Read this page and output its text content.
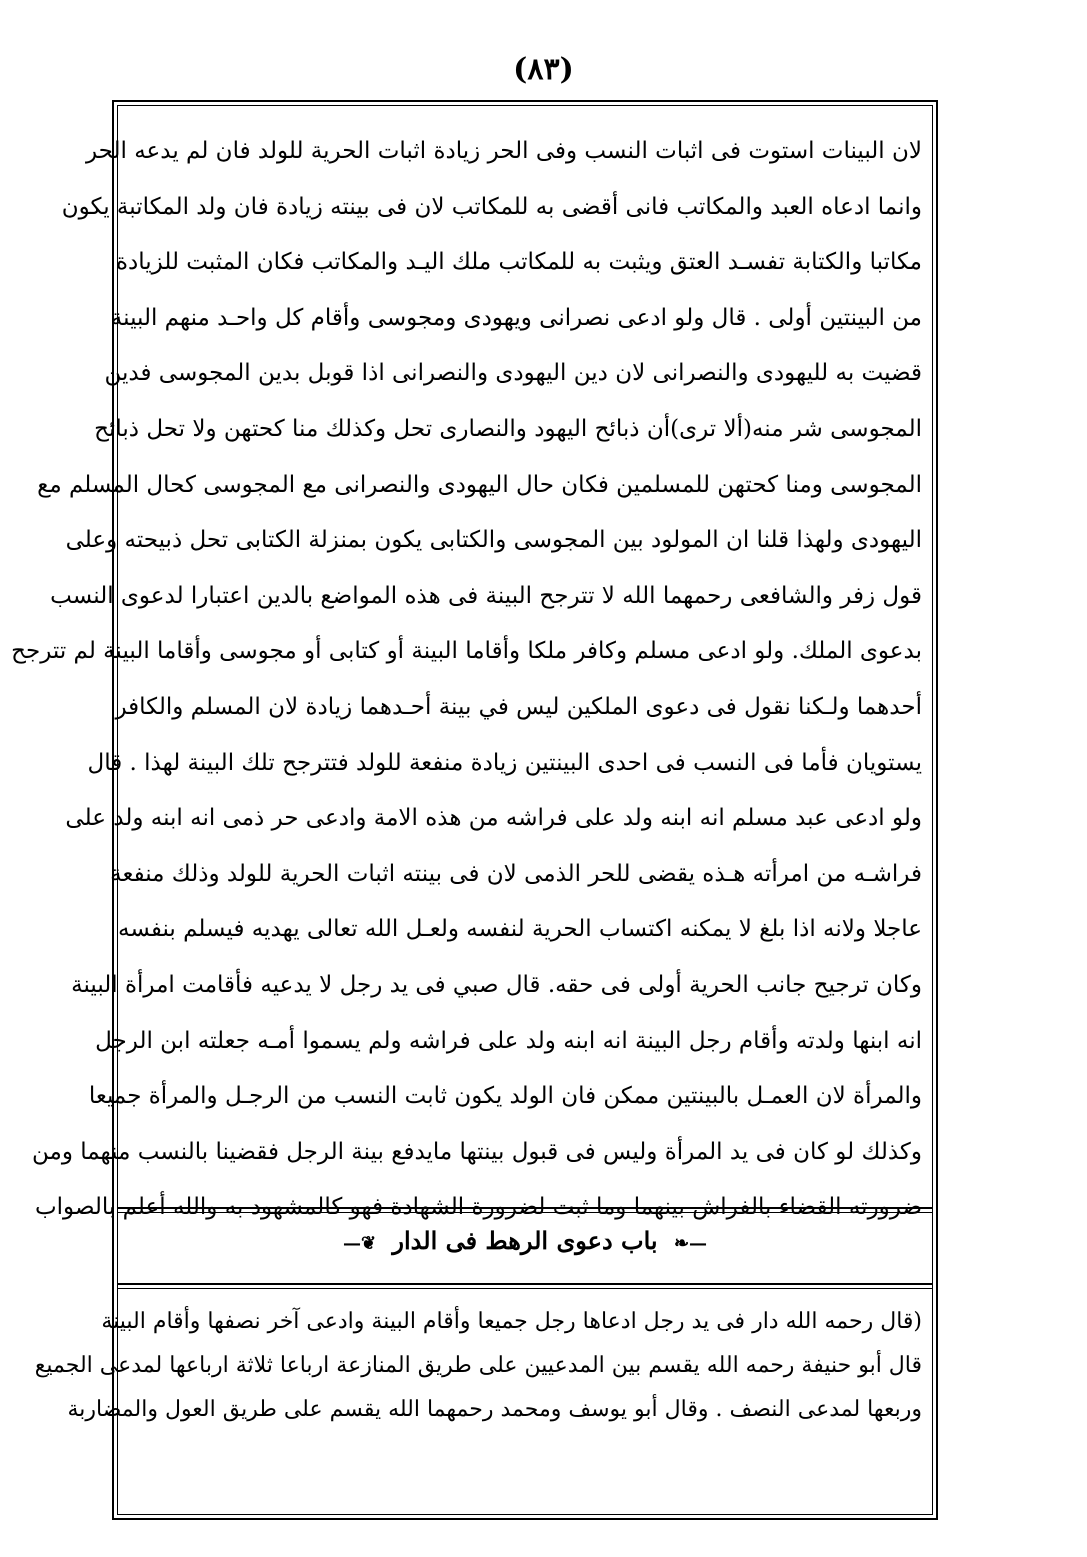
(٨٣)
لان البينات استوت فى اثبات النسب وفى الحر زيادة اثبات الحرية للولد فان لم يدعه الحر
وانما ادعاه العبد والمكاتب فانى أقضى به للمكاتب لان فى بينته زيادة فان ولد المكاتبة يكون
مكاتبا والكتابة تفسـد العتق ويثبت به للمكاتب ملك اليـد والمكاتب فكان المثبت للزيادة
من البينتين أولى . قال ولو ادعى نصرانى ويهودى ومجوسى وأقام كل واحـد منهم البينة
قضيت به لليهودى والنصرانى لان دين اليهودى والنصرانى اذا قوبل بدين المجوسى فدين
المجوسى شر منه(ألا ترى)أن ذبائح اليهود والنصارى تحل وكذلك منا كحتهن ولا تحل ذبائح
المجوسى ومنا كحتهن للمسلمين فكان حال اليهودى والنصرانى مع المجوسى كحال المسلم مع
اليهودى ولهذا قلنا ان المولود بين المجوسى والكتابى يكون بمنزلة الكتابى تحل ذبيحته وعلى
قول زفر والشافعى رحمهما الله لا تترجح البينة فى هذه المواضع بالدين اعتبارا لدعوى النسب
بدعوى الملك. ولو ادعى مسلم وكافر ملكا وأقاما البينة أو كتابى أو مجوسى وأقاما البينة لم تترجح
أحدهما ولـكنا نقول فى دعوى الملكين ليس في بينة أحـدهما زيادة لان المسلم والكافر
يستويان فأما فى النسب فى احدى البينتين زيادة منفعة للولد فتترجح تلك البينة لهذا . قال
ولو ادعى عبد مسلم انه ابنه ولد على فراشه من هذه الامة وادعى حر ذمى انه ابنه ولد على
فراشـه من امرأته هـذه يقضى للحر الذمى لان فى بينته اثبات الحرية للولد وذلك منفعة
عاجلا ولانه اذا بلغ لا يمكنه اكتساب الحرية لنفسه ولعـل الله تعالى يهديه فيسلم بنفسه
وكان ترجيح جانب الحرية أولى فى حقه. قال صبي فى يد رجل لا يدعيه فأقامت امرأة البينة
انه ابنها ولدته وأقام رجل البينة انه ابنه ولد على فراشه ولم يسموا أمـه جعلته ابن الرجل
والمرأة لان العمـل بالبينتين ممكن فان الولد يكون ثابت النسب من الرجـل والمرأة جميعا
وكذلك لو كان فى يد المرأة وليس فى قبول بينتها مايدفع بينة الرجل فقضينا بالنسب منهما ومن
ضرورته القضاء بالفراش بينهما وما ثبت لضرورة الشهادة فهو كالمشهود به والله أعلم بالصواب
—❧ باب دعوى الرهط فى الدار ❦—
(قال رحمه الله دار فى يد رجل ادعاها رجل جميعا وأقام البينة وادعى آخر نصفها وأقام البينة
قال أبو حنيفة رحمه الله يقسم بين المدعيين على طريق المنازعة ارباعا ثلاثة ارباعها لمدعى الجميع
وربعها لمدعى النصف . وقال أبو يوسف ومحمد رحمهما الله يقسم على طريق العول والمضاربة
